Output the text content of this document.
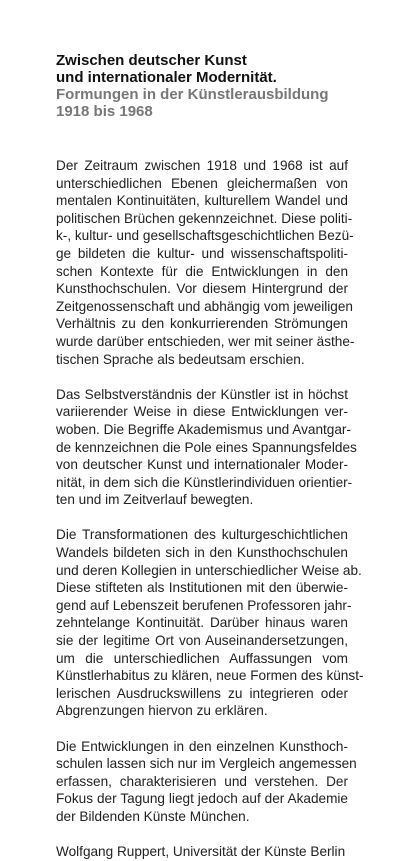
Zwischen deutscher Kunst
und internationaler Modernität.

Formungen in der Künstlerausbildung
1918 bis 1968

Der Zeitraum zwischen 1918 und 1968 ist auf
unterschiedlichen Ebenen gleichermaßen von
mentalen Kontinuitäten, kulturellem Wandel und
politischen Brüchen gekennzeichnet. Diese politi-
k-, kultur- und gesellschaftsgeschichtlichen Bezü-
ge bildeten die kultur- und wissenschaftspoliti-
schen Kontexte für die Entwicklungen in den
Kunsthochschulen. Vor diesem Hintergrund der
Zeitgenossenschaft und abhängig vom jeweiligen
Verhältnis zu den konkurrierenden Strömungen
wurde darüber entschieden, wer mit seiner ästhe-
tischen Sprache als bedeutsam erschien.

Das Selbstverständnis der Künstler ist in höchst
variierender Weise in diese Entwicklungen ver-
woben. Die Begriffe Akademismus und Avantgar-
de kennzeichnen die Pole eines Spannungsfeldes
von deutscher Kunst und internationaler Moder-
nität, in dem sich die Künstlerindividuen orientier-
ten und im Zeitverlauf bewegten.

Die Transformationen des kulturgeschichtlichen
Wandels bildeten sich in den Kunsthochschulen
und deren Kollegien in unterschiedlicher Weise ab.
Diese stifteten als Institutionen mit den überwie-
gend auf Lebenszeit berufenen Professoren jahr-
zehntelange Kontinuität. Darüber hinaus waren
sie der legitime Ort von Auseinandersetzungen,
um die unterschiedlichen Auffassungen vom
Künstlerhabitus zu klären, neue Formen des künst-
lerischen Ausdruckswillens zu integrieren oder
Abgrenzungen hiervon zu erklären.

Die Entwicklungen in den einzelnen Kunsthoch-
schulen lassen sich nur im Vergleich angemessen
erfassen, charakterisieren und verstehen. Der
Fokus der Tagung liegt jedoch auf der Akademie
der Bildenden Künste München.

Wolfgang Ruppert, Universität der Künste Berlin
